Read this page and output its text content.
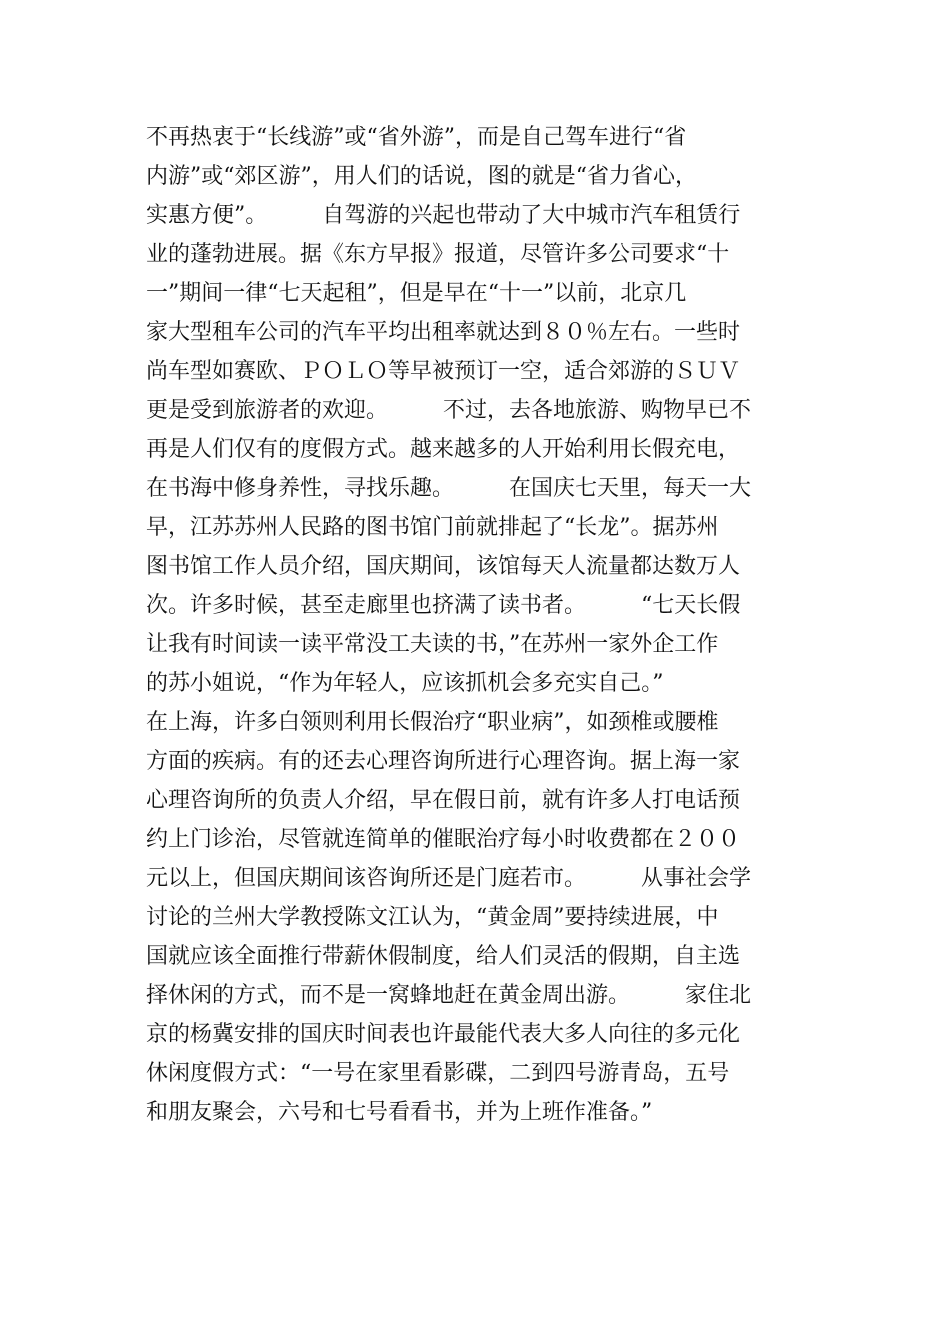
不再热衷于“长线游”或“省外游”，而是自己驾车进行“省
内游”或“郊区游”，用人们的话说，图的就是“省力省心，
实惠方便”。　　　自驾游的兴起也带动了大中城市汽车租赁行
业的蓬勃进展。据《东方早报》报道，尽管许多公司要求“十
一”期间一律“七天起租”，但是早在“十一”以前，北京几
家大型租车公司的汽车平均出租率就达到８０％左右。一些时
尚车型如赛欧、ＰＯＬＯ等早被预订一空，适合郊游的ＳＵＶ
更是受到旅游者的欢迎。　　　不过，去各地旅游、购物早已不
再是人们仅有的度假方式。越来越多的人开始利用长假充电，
在书海中修身养性，寻找乐趣。　　　在国庆七天里，每天一大
早，江苏苏州人民路的图书馆门前就排起了“长龙”。据苏州
图书馆工作人员介绍，国庆期间，该馆每天人流量都达数万人
次。许多时候，甚至走廊里也挤满了读书者。　　　“七天长假
让我有时间读一读平常没工夫读的书，”在苏州一家外企工作
的苏小姐说，“作为年轻人，应该抓机会多充实自己。”
在上海，许多白领则利用长假治疗“职业病”，如颈椎或腰椎
方面的疾病。有的还去心理咨询所进行心理咨询。据上海一家
心理咨询所的负责人介绍，早在假日前，就有许多人打电话预
约上门诊治，尽管就连简单的催眠治疗每小时收费都在２００
元以上，但国庆期间该咨询所还是门庭若市。　　　从事社会学
讨论的兰州大学教授陈文江认为，“黄金周”要持续进展，中
国就应该全面推行带薪休假制度，给人们灵活的假期，自主选
择休闲的方式，而不是一窝蜂地赶在黄金周出游。　　　家住北
京的杨冀安排的国庆时间表也许最能代表大多人向往的多元化
休闲度假方式：“一号在家里看影碟，二到四号游青岛，五号
和朋友聚会，六号和七号看看书，并为上班作准备。”
